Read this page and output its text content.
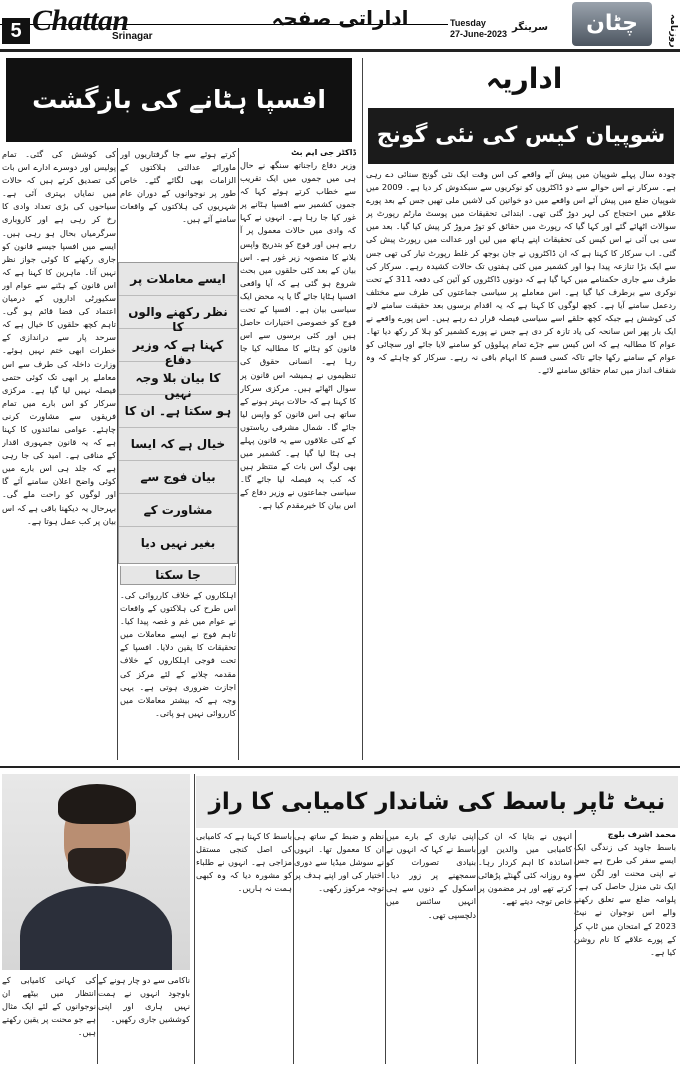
5 Chattan
Srinagar
اداراتی صفحہ	Tuesday
27-June-2023
سرینگر	چٹان	روزنامہ
اداریہ
شوپیان کیس کی نئی گونج
چودہ سال پہلے شوپیان میں پیش آئے واقعے کی اس وقت ایک نئی گونج سنائی دے رہی ہے۔ سرکار نے اس حوالے سے دو ڈاکٹروں کو نوکریوں سے سبکدوش کر دیا ہے۔ 2009 میں شوپیان ضلع میں پیش آئے اس واقعے میں دو خواتین کی لاشیں ملی تھیں جس کے بعد پورے علاقے میں احتجاج کی لہر دوڑ گئی تھی۔ ابتدائی تحقیقات میں پوسٹ مارٹم رپورٹ پر سوالات اٹھائے گئے اور کہا گیا کہ رپورٹ میں حقائق کو توڑ مروڑ کر پیش کیا گیا۔ بعد میں سی بی آئی نے اس کیس کی تحقیقات اپنے ہاتھ میں لیں اور عدالت میں رپورٹ پیش کی گئی۔ اب سرکار کا کہنا ہے کہ ان ڈاکٹروں نے جان بوجھ کر غلط رپورٹ تیار کی تھی جس سے ایک بڑا تنازعہ پیدا ہوا اور کشمیر میں کئی ہفتوں تک حالات کشیدہ رہے۔ سرکار کی طرف سے جاری حکمنامے میں کہا گیا ہے کہ دونوں ڈاکٹروں کو آئین کی دفعہ 311 کے تحت نوکری سے برطرف کیا گیا ہے۔ اس معاملے پر سیاسی جماعتوں کی طرف سے مختلف ردعمل سامنے آیا ہے۔ کچھ لوگوں کا کہنا ہے کہ یہ اقدام برسوں بعد حقیقت سامنے لانے کی کوشش ہے جبکہ کچھ حلقے اسے سیاسی فیصلہ قرار دے رہے ہیں۔ اس پورے واقعے نے ایک بار پھر اس سانحہ کی یاد تازہ کر دی ہے جس نے پورے کشمیر کو ہلا کر رکھ دیا تھا۔ عوام کا مطالبہ ہے کہ اس کیس سے جڑے تمام پہلوؤں کو سامنے لایا جائے اور سچائی کو عوام کے سامنے رکھا جائے تاکہ کسی قسم کا ابہام باقی نہ رہے۔ سرکار کو چاہئے کہ وہ شفاف انداز میں تمام حقائق سامنے لائے۔
افسپا ہٹانے کی بازگشت
ڈاکٹر جی ایم بٹ
وزیر دفاع راجناتھ سنگھ نے حال ہی میں جموں میں ایک تقریب سے خطاب کرتے ہوئے کہا کہ جموں کشمیر سے افسپا ہٹانے پر غور کیا جا رہا ہے۔ انہوں نے کہا کہ وادی میں حالات معمول پر آ رہے ہیں اور فوج کو بتدریج واپس بلانے کا منصوبہ زیر غور ہے۔ اس بیان کے بعد کئی حلقوں میں بحث شروع ہو گئی ہے کہ آیا واقعی افسپا ہٹایا جائے گا یا یہ محض ایک سیاسی بیان ہے۔ افسپا کے تحت فوج کو خصوصی اختیارات حاصل ہیں اور کئی برسوں سے اس قانون کو ہٹانے کا مطالبہ کیا جا رہا ہے۔ انسانی حقوق کی تنظیموں نے ہمیشہ اس قانون پر سوال اٹھائے ہیں۔ مرکزی سرکار کا کہنا ہے کہ حالات بہتر ہونے کے ساتھ ہی اس قانون کو واپس لیا جائے گا۔ شمال مشرقی ریاستوں کے کئی علاقوں سے یہ قانون پہلے ہی ہٹا لیا گیا ہے۔ کشمیر میں بھی لوگ اس بات کے منتظر ہیں کہ کب یہ فیصلہ لیا جائے گا۔ سیاسی جماعتوں نے وزیر دفاع کے اس بیان کا خیرمقدم کیا ہے۔
کرتے ہوئے سے جا گرفتاریوں اور ماورائے عدالتی ہلاکتوں کے الزامات بھی لگائے گئے۔ خاص طور پر نوجوانوں کے دوران عام شہریوں کی ہلاکتوں کے واقعات سامنے آئے ہیں۔
ایسے معاملات پر
نظر رکھنے والوں کا
کہنا ہے کہ وزیر دفاع
کا بیان بلا وجہ نہیں
ہو سکتا ہے۔ ان کا
خیال ہے کہ ایسا
بیان فوج سے
مشاورت کے
بغیر نہیں دیا
جا سکتا
اہلکاروں کے خلاف کارروائی کی۔ اس طرح کی ہلاکتوں کے واقعات نے عوام میں غم و غصہ پیدا کیا۔ تاہم فوج نے ایسے معاملات میں تحقیقات کا یقین دلایا۔ افسپا کے تحت فوجی اہلکاروں کے خلاف مقدمہ چلانے کے لئے مرکز کی اجازت ضروری ہوتی ہے۔ یہی وجہ ہے کہ بیشتر معاملات میں کارروائی نہیں ہو پاتی۔
کی کوشش کی گئی۔ تمام پولیس اور دوسرے ادارے اس بات کی تصدیق کرتے ہیں کہ حالات میں نمایاں بہتری آئی ہے۔ سیاحوں کی بڑی تعداد وادی کا رخ کر رہی ہے اور کاروباری سرگرمیاں بحال ہو رہی ہیں۔ ایسے میں افسپا جیسے قانون کو جاری رکھنے کا کوئی جواز نظر نہیں آتا۔ ماہرین کا کہنا ہے کہ اس قانون کے ہٹنے سے عوام اور سکیورٹی اداروں کے درمیان اعتماد کی فضا قائم ہو گی۔ تاہم کچھ حلقوں کا خیال ہے کہ سرحد پار سے دراندازی کے خطرات ابھی ختم نہیں ہوئے۔ وزارت داخلہ کی طرف سے اس معاملے پر ابھی تک کوئی حتمی فیصلہ نہیں لیا گیا ہے۔ مرکزی سرکار کو اس بارے میں تمام فریقوں سے مشاورت کرنی چاہئے۔ عوامی نمائندوں کا کہنا ہے کہ یہ قانون جمہوری اقدار کے منافی ہے۔ امید کی جا رہی ہے کہ جلد ہی اس بارے میں کوئی واضح اعلان سامنے آئے گا اور لوگوں کو راحت ملے گی۔ بہرحال یہ دیکھنا باقی ہے کہ اس بیان پر کب عمل ہوتا ہے۔
نیٹ ٹاپر باسط کی شاندار کامیابی کا راز
محمد اشرف بلوچ
باسط جاوید کی زندگی ایک ایسے سفر کی طرح ہے جس نے اپنی محنت اور لگن سے ایک نئی منزل حاصل کی ہے۔ پلوامہ ضلع سے تعلق رکھنے والے اس نوجوان نے نیٹ 2023 کے امتحان میں ٹاپ کر کے پورے علاقے کا نام روشن کیا ہے۔
انہوں نے بتایا کہ ان کی کامیابی میں والدین اور اساتذہ کا اہم کردار رہا۔ وہ روزانہ کئی گھنٹے پڑھائی کرتے تھے اور ہر مضمون پر خاص توجہ دیتے تھے۔
اپنی تیاری کے بارے میں باسط نے کہا کہ انہوں نے بنیادی تصورات کو سمجھنے پر زور دیا۔ اسکول کے دنوں سے ہی انہیں سائنس میں دلچسپی تھی۔
نظم و ضبط کے ساتھ ہی ان کا معمول تھا۔ انہوں نے سوشل میڈیا سے دوری اختیار کی اور اپنے ہدف پر توجہ مرکوز رکھی۔
باسط کا کہنا ہے کہ کامیابی کی اصل کنجی مستقل مزاجی ہے۔ انہوں نے طلباء کو مشورہ دیا کہ وہ کبھی ہمت نہ ہاریں۔
ناکامی سے دو چار ہونے کے باوجود انہوں نے ہمت نہیں ہاری اور اپنی کوششیں جاری رکھیں۔
کی کہانی کامیابی کے انتظار میں بیٹھے ان نوجوانوں کے لئے ایک مثال ہے جو محنت پر یقین رکھتے ہیں۔
